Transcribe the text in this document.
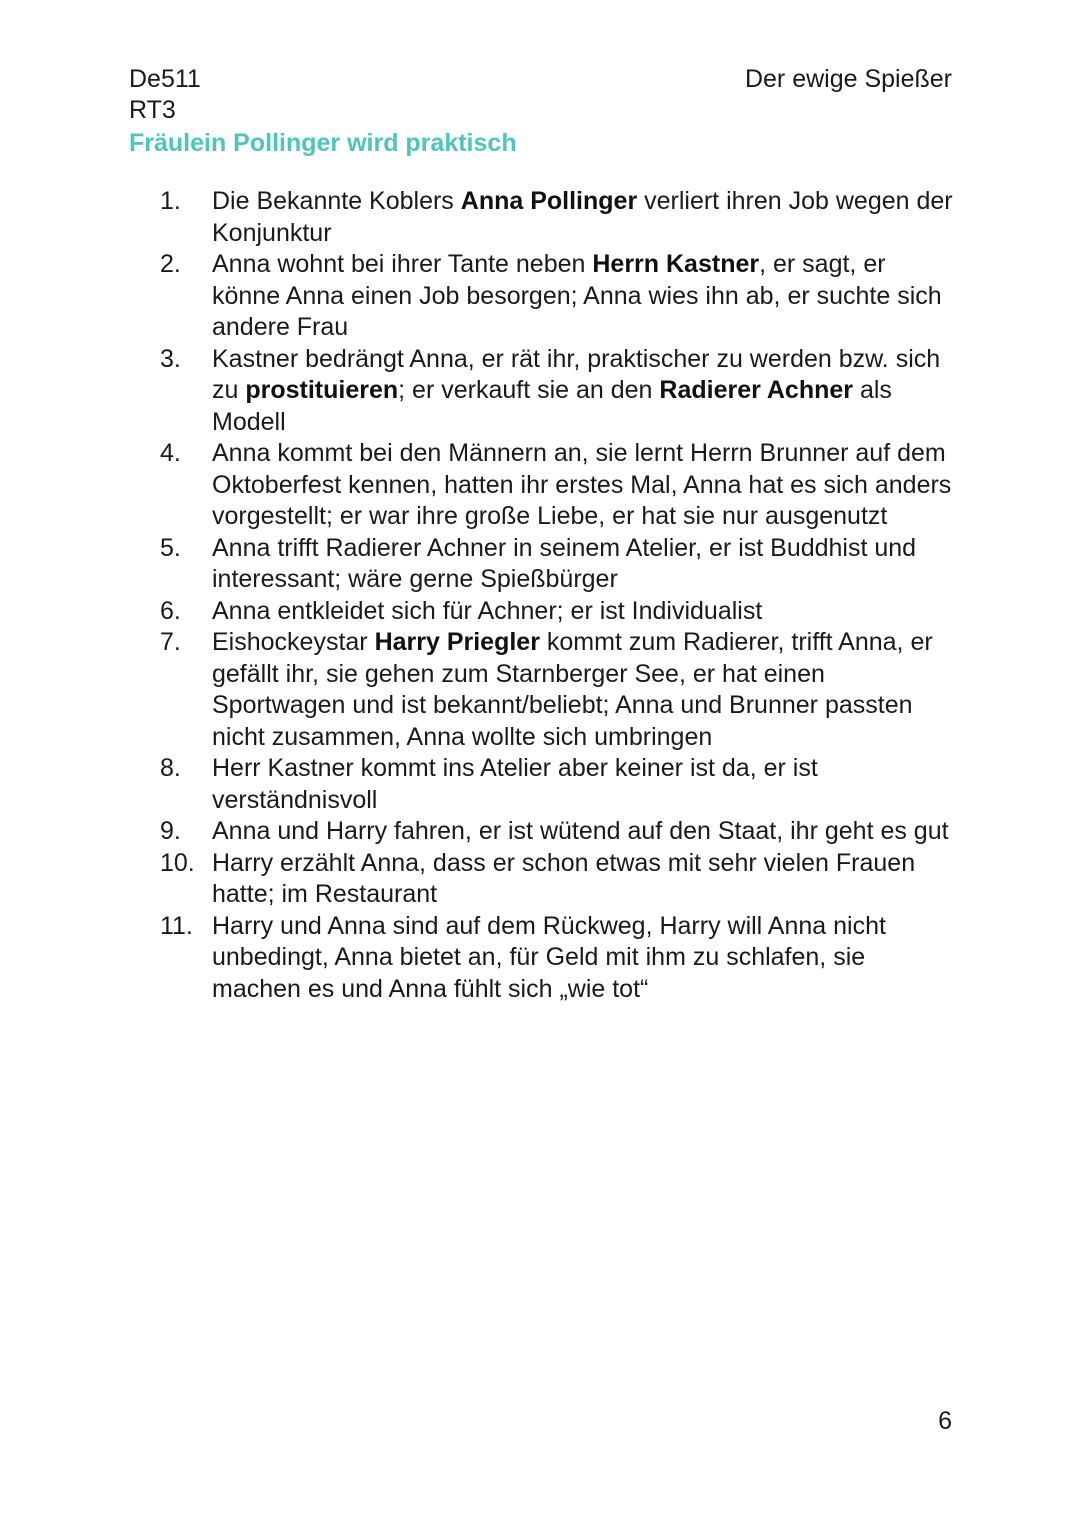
De511
RT3
Der ewige Spießer
Fräulein Pollinger wird praktisch
1.	Die Bekannte Koblers Anna Pollinger verliert ihren Job wegen der Konjunktur
2.	Anna wohnt bei ihrer Tante neben Herrn Kastner, er sagt, er könne Anna einen Job besorgen; Anna wies ihn ab, er suchte sich andere Frau
3.	Kastner bedrängt Anna, er rät ihr, praktischer zu werden bzw. sich zu prostituieren; er verkauft sie an den Radierer Achner als Modell
4.	Anna kommt bei den Männern an, sie lernt Herrn Brunner auf dem Oktoberfest kennen, hatten ihr erstes Mal, Anna hat es sich anders vorgestellt; er war ihre große Liebe, er hat sie nur ausgenutzt
5.	Anna trifft Radierer Achner in seinem Atelier, er ist Buddhist und interessant; wäre gerne Spießbürger
6.	Anna entkleidet sich für Achner; er ist Individualist
7.	Eishockeystar Harry Priegler kommt zum Radierer, trifft Anna, er gefällt ihr, sie gehen zum Starnberger See, er hat einen Sportwagen und ist bekannt/beliebt; Anna und Brunner passten nicht zusammen, Anna wollte sich umbringen
8.	Herr Kastner kommt ins Atelier aber keiner ist da, er ist verständnisvoll
9.	Anna und Harry fahren, er ist wütend auf den Staat, ihr geht es gut
10. Harry erzählt Anna, dass er schon etwas mit sehr vielen Frauen hatte; im Restaurant
11. Harry und Anna sind auf dem Rückweg, Harry will Anna nicht unbedingt, Anna bietet an, für Geld mit ihm zu schlafen, sie machen es und Anna fühlt sich „wie tot“
6
